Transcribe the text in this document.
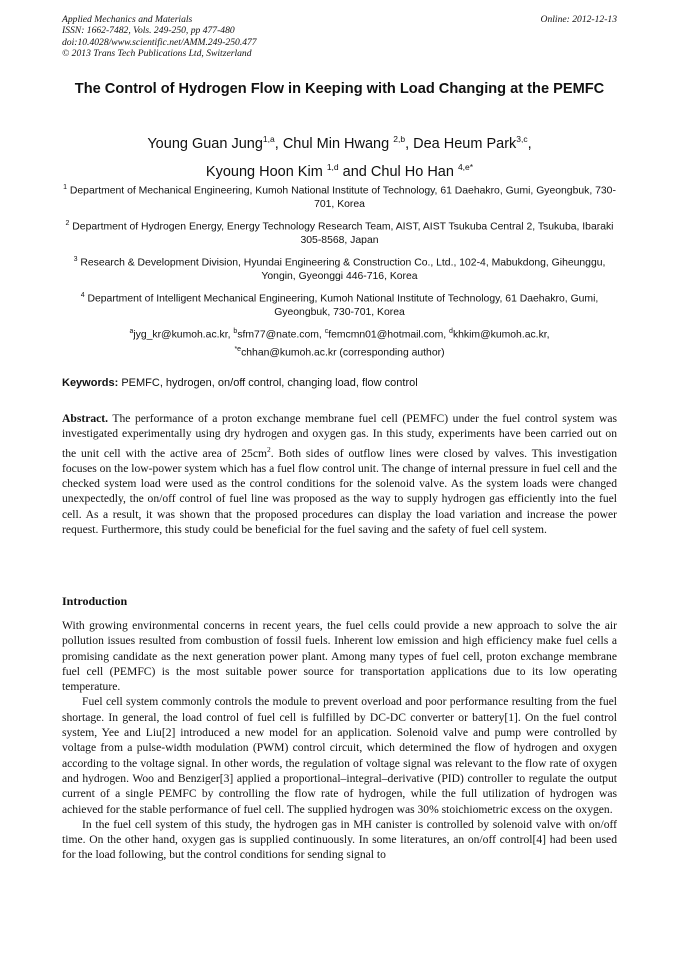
Applied Mechanics and Materials
ISSN: 1662-7482, Vols. 249-250, pp 477-480
doi:10.4028/www.scientific.net/AMM.249-250.477
© 2013 Trans Tech Publications Ltd, Switzerland
Online: 2012-12-13
The Control of Hydrogen Flow in Keeping with Load Changing at the PEMFC
Young Guan Jung$^{1,a}$, Chul Min Hwang $^{2,b}$, Dea Heum Park$^{3,c}$,
Kyoung Hoon Kim $^{1,d}$ and Chul Ho Han $^{4,e*}$
$^1$ Department of Mechanical Engineering, Kumoh National Institute of Technology, 61 Daehakro, Gumi, Gyeongbuk, 730-701, Korea
$^2$ Department of Hydrogen Energy, Energy Technology Research Team, AIST, AIST Tsukuba Central 2, Tsukuba, Ibaraki 305-8568, Japan
$^3$ Research & Development Division, Hyundai Engineering & Construction Co., Ltd., 102-4, Mabukdong, Giheunggu, Yongin, Gyeonggi 446-716, Korea
$^4$ Department of Intelligent Mechanical Engineering, Kumoh National Institute of Technology, 61 Daehakro, Gumi, Gyeongbuk, 730-701, Korea
$^a$jyg_kr@kumoh.ac.kr, $^b$sfm77@nate.com, $^c$femcmn01@hotmail.com, $^d$khkim@kumoh.ac.kr,
$^{*e}$chhan@kumoh.ac.kr (corresponding author)
Keywords: PEMFC, hydrogen, on/off control, changing load, flow control
Abstract. The performance of a proton exchange membrane fuel cell (PEMFC) under the fuel control system was investigated experimentally using dry hydrogen and oxygen gas. In this study, experiments have been carried out on the unit cell with the active area of $25cm^2$. Both sides of outflow lines were closed by valves. This investigation focuses on the low-power system which has a fuel flow control unit. The change of internal pressure in fuel cell and the checked system load were used as the control conditions for the solenoid valve. As the system loads were changed unexpectedly, the on/off control of fuel line was proposed as the way to supply hydrogen gas efficiently into the fuel cell. As a result, it was shown that the proposed procedures can display the load variation and increase the power request. Furthermore, this study could be beneficial for the fuel saving and the safety of fuel cell system.
Introduction

With growing environmental concerns in recent years, the fuel cells could provide a new approach to solve the air pollution issues resulted from combustion of fossil fuels. Inherent low emission and high efficiency make fuel cells a promising candidate as the next generation power plant. Among many types of fuel cell, proton exchange membrane fuel cell (PEMFC) is the most suitable power source for transportation applications due to its low operating temperature.

Fuel cell system commonly controls the module to prevent overload and poor performance resulting from the fuel shortage. In general, the load control of fuel cell is fulfilled by DC-DC converter or battery[1]. On the fuel control system, Yee and Liu[2] introduced a new model for an application. Solenoid valve and pump were controlled by voltage from a pulse-width modulation (PWM) control circuit, which determined the flow of hydrogen and oxygen according to the voltage signal. In other words, the regulation of voltage signal was relevant to the flow rate of oxygen and hydrogen. Woo and Benziger[3] applied a proportional–integral–derivative (PID) controller to regulate the output current of a single PEMFC by controlling the flow rate of hydrogen, while the full utilization of hydrogen was achieved for the stable performance of fuel cell. The supplied hydrogen was 30% stoichiometric excess on the oxygen.

In the fuel cell system of this study, the hydrogen gas in MH canister is controlled by solenoid valve with on/off time. On the other hand, oxygen gas is supplied continuously. In some literatures, an on/off control[4] had been used for the load following, but the control conditions for sending signal to
